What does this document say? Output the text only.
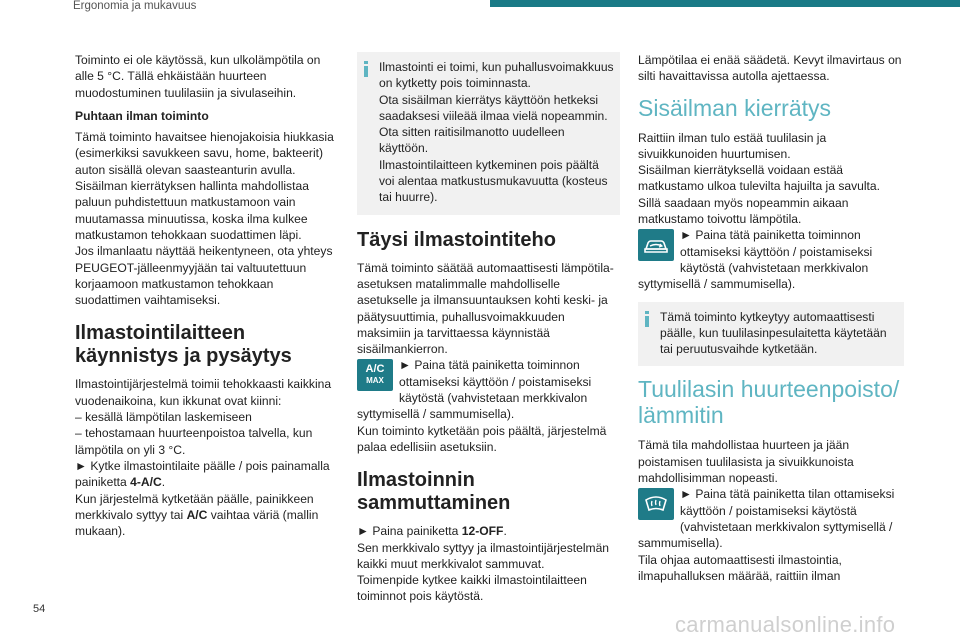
Ergonomia ja mukavuus

Toiminto ei ole käytössä, kun ulkolämpötila on alle 5 °C. Tällä ehkäistään huurteen muodostuminen tuulilasiin ja sivulaseihin.

Puhtaan ilman toiminto

Tämä toiminto havaitsee hienojakoisia hiukkasia (esimerkiksi savukkeen savu, home, bakteerit) auton sisällä olevan saasteanturin avulla.

Sisäilman kierrätyksen hallinta mahdollistaa paluun puhdistettuun matkustamoon vain muutamassa minuutissa, koska ilma kulkee matkustamon tehokkaan suodattimen läpi.

Jos ilmanlaatu näyttää heikentyneen, ota yhteys PEUGEOT-jälleenmyyjään tai valtuutettuun korjaamoon matkustamon tehokkaan suodattimen vaihtamiseksi.

Ilmastointilaitteen käynnistys ja pysäytys

Ilmastointijärjestelmä toimii tehokkaasti kaikkina vuodenaikoina, kun ikkunat ovat kiinni:

– kesällä lämpötilan laskemiseen

– tehostamaan huurteenpoistoa talvella, kun lämpötila on yli 3 °C.

► Kytke ilmastointilaite päälle / pois painamalla painiketta 4-A/C.

Kun järjestelmä kytketään päälle, painikkeen merkkivalo syttyy tai A/C vaihtaa väriä (mallin mukaan).

Ilmastointi ei toimi, kun puhallusvoimakkuus on kytketty pois toiminnasta.

Ota sisäilman kierrätys käyttöön hetkeksi saadaksesi viileää ilmaa vielä nopeammin.

Ota sitten raitisilmanotto uudelleen käyttöön.

Ilmastointilaitteen kytkeminen pois päältä voi alentaa matkustusmukavuutta (kosteus tai huurre).

Täysi ilmastointiteho

Tämä toiminto säätää automaattisesti lämpötila-asetuksen matalimmalle mahdolliselle asetukselle ja ilmansuuntauksen kohti keski- ja päätysuuttimia, puhallusvoimakkuuden maksimiin ja tarvittaessa käynnistää sisäilmankierron.

A/C
MAX

► Paina tätä painiketta toiminnon ottamiseksi käyttöön / poistamiseksi käytöstä (vahvistetaan merkkivalon syttymisellä / sammumisella).

Kun toiminto kytketään pois päältä, järjestelmä palaa edellisiin asetuksiin.

Ilmastoinnin sammuttaminen

► Paina painiketta 12-OFF.

Sen merkkivalo syttyy ja ilmastointijärjestelmän kaikki muut merkkivalot sammuvat.

Toimenpide kytkee kaikki ilmastointilaitteen toiminnot pois käytöstä.

Lämpötilaa ei enää säädetä. Kevyt ilmavirtaus on silti havaittavissa autolla ajettaessa.

Sisäilman kierrätys

Raittiin ilman tulo estää tuulilasin ja sivuikkunoiden huurtumisen.

Sisäilman kierrätyksellä voidaan estää matkustamo ulkoa tulevilta hajuilta ja savulta. Sillä saadaan myös nopeammin aikaan matkustamo toivottu lämpötila.

► Paina tätä painiketta toiminnon ottamiseksi käyttöön / poistamiseksi käytöstä (vahvistetaan merkkivalon syttymisellä / sammumisella).

Tämä toiminto kytkeytyy automaattisesti päälle, kun tuulilasinpesulaitetta käytetään tai peruutusvaihde kytketään.

Tuulilasin huurteenpoisto/ lämmitin

Tämä tila mahdollistaa huurteen ja jään poistamisen tuulilasista ja sivuikkunoista mahdollisimman nopeasti.

► Paina tätä painiketta tilan ottamiseksi käyttöön / poistamiseksi käytöstä (vahvistetaan merkkivalon syttymisellä / sammumisella).

Tila ohjaa automaattisesti ilmastointia, ilmapuhalluksen määrää, raittiin ilman

54
carmanualsonline.info
